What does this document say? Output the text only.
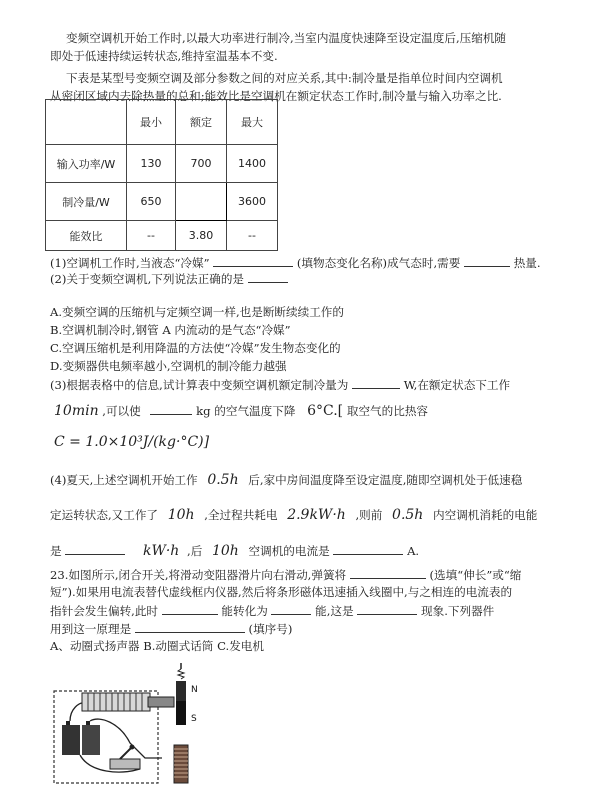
变频空调机开始工作时,以最大功率进行制冷,当室内温度快速降至设定温度后,压缩机随
即处于低速持续运转状态,维持室温基本不变.
下表是某型号变频空调及部分参数之间的对应关系,其中:制冷量是指单位时间内空调机
从密闭区域内去除热量的总和;能效比是空调机在额定状态工作时,制冷量与输入功率之比.
	最小	额定	最大
输入功率/W	130	700	1400
制冷量/W	650		3600
能效比	--	3.80	--
(1)空调机工作时,当液态“冷媒”	(填物态变化名称)成气态时,需要	热量.
(2)关于变频空调机,下列说法正确的是
A.变频空调的压缩机与定频空调一样,也是断断续续工作的
B.空调机制冷时,钢管 A 内流动的是气态“冷媒”
C.空调压缩机是利用降温的方法使“冷媒”发生物态变化的
D.变频器供电频率越小,空调机的制冷能力越强
(3)根据表格中的信息,试计算表中变频空调机额定制冷量为	W,在额定状态下工作
10min ,可以使	kg 的空气温度下降 6°C.[ 取空气的比热容
C = 1.0×10³J/(kg·°C)]
(4)夏天,上述空调机开始工作 0.5h 后,家中房间温度降至设定温度,随即空调机处于低速稳
定运转状态,又工作了 10h ,全过程共耗电 2.9kW·h ,则前 0.5h 内空调机消耗的电能
是	kW·h ,后 10h 空调机的电流是	A.
23.如图所示,闭合开关,将滑动变阻器滑片向右滑动,弹簧将	(选填“伸长”或“缩
短”).如果用电流表替代虚线框内仪器,然后将条形磁体迅速插入线圈中,与之相连的电流表的
指针会发生偏转,此时	能转化为	能,这是	现象.下列器件
用到这一原理是	(填序号)
A、动圈式扬声器 B.动圈式话筒 C.发电机
N
S
